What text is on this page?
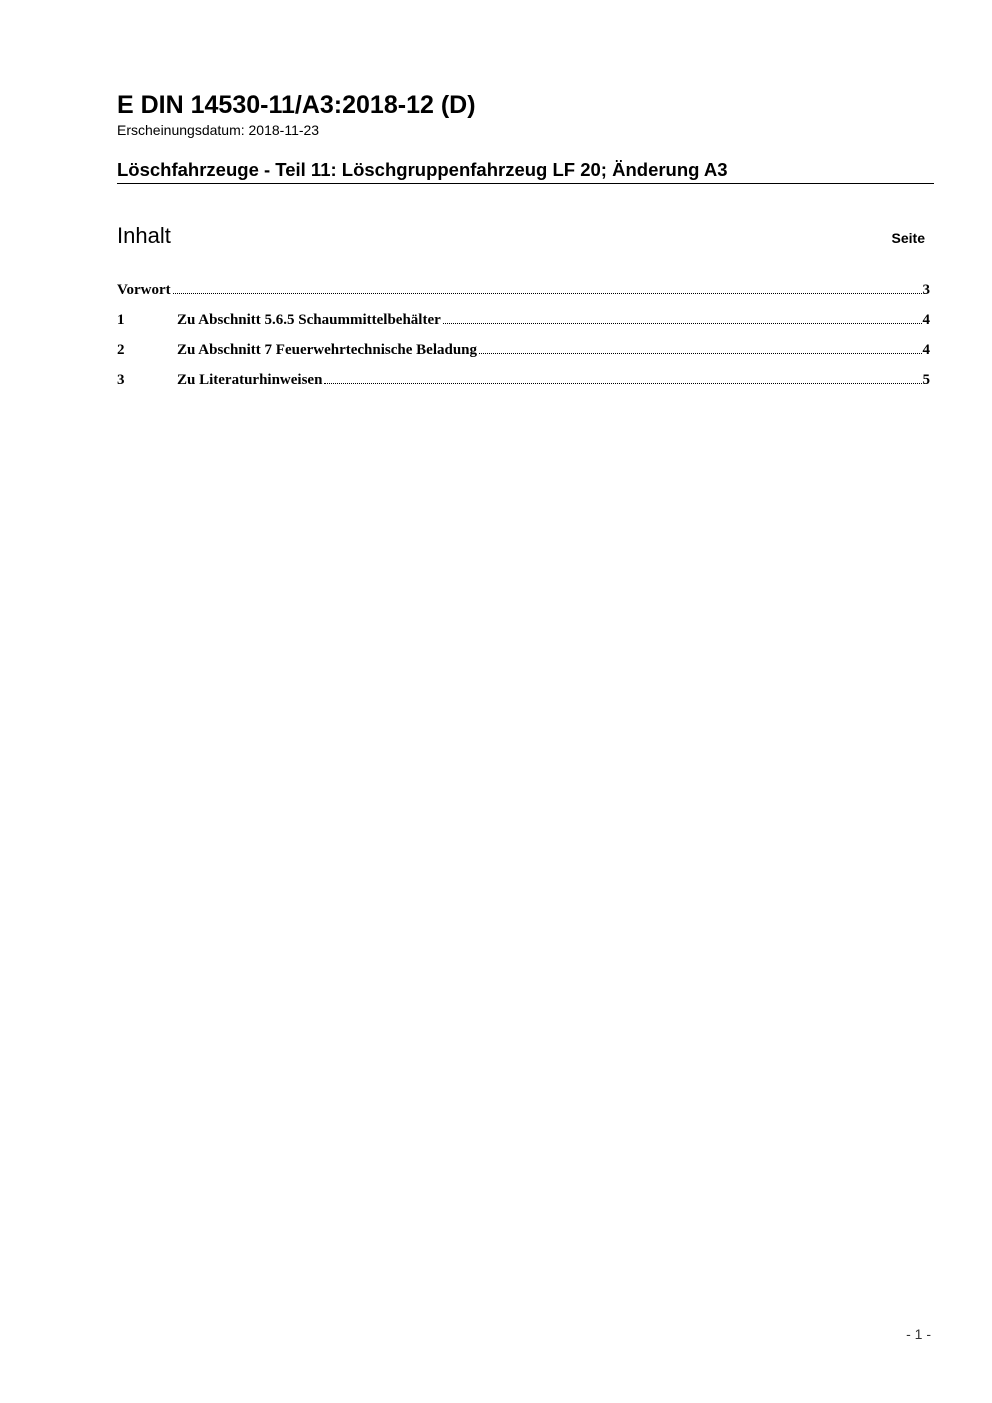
E DIN 14530-11/A3:2018-12 (D)
Erscheinungsdatum: 2018-11-23
Löschfahrzeuge - Teil 11: Löschgruppenfahrzeug LF 20; Änderung A3
Inhalt	Seite
Vorwort	3
1	Zu Abschnitt 5.6.5 Schaummittelbehälter	4
2	Zu Abschnitt 7 Feuerwehrtechnische Beladung	4
3	Zu Literaturhinweisen	5
- 1 -
